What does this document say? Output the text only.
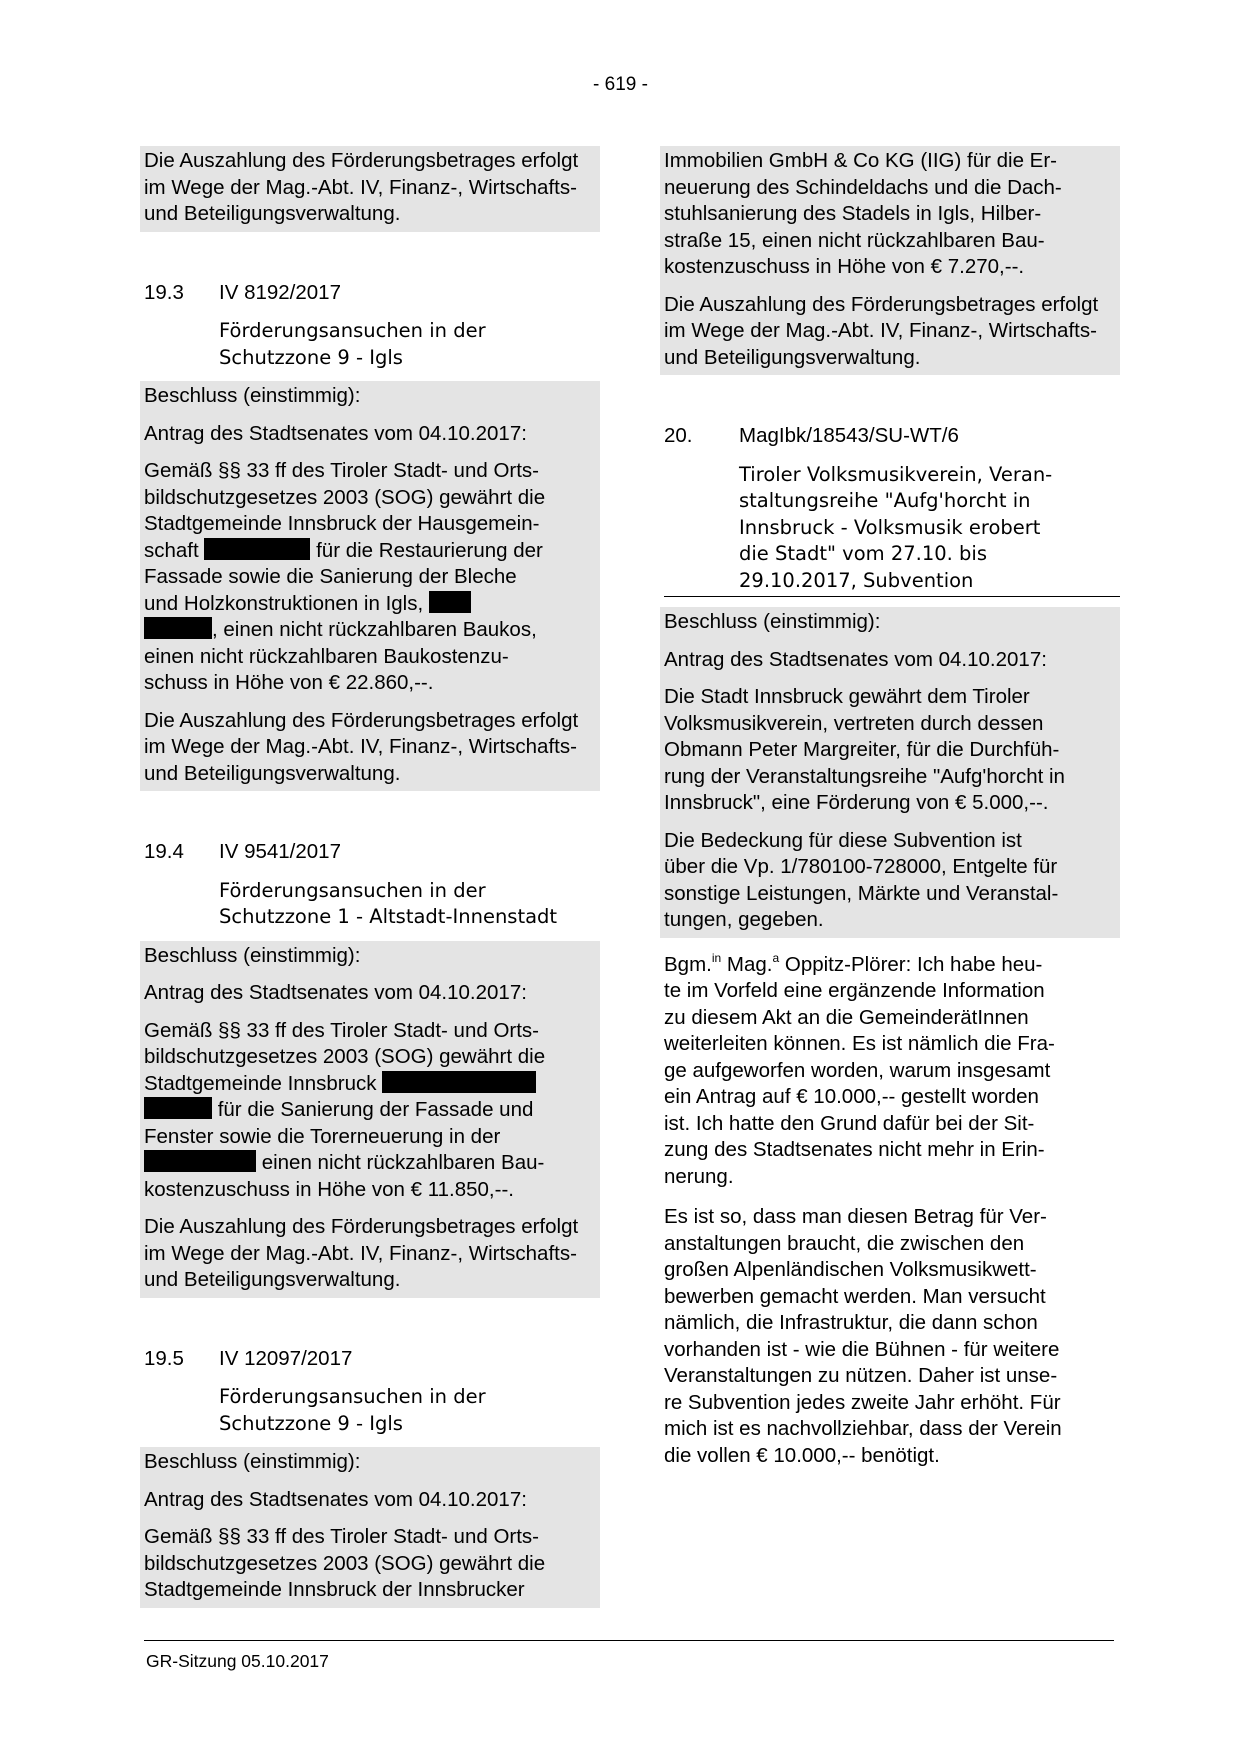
- 619 -

Die Auszahlung des Förderungsbetrages erfolgt im Wege der Mag.-Abt. IV, Finanz-, Wirtschafts- und Beteiligungsverwaltung.

19.3	IV 8192/2017
Förderungsansuchen in der
Schutzzone 9 - Igls

Beschluss (einstimmig):

Antrag des Stadtsenates vom 04.10.2017:

Gemäß §§ 33 ff des Tiroler Stadt- und Orts-
bildschutzgesetzes 2003 (SOG) gewährt die
Stadtgemeinde Innsbruck der Hausgemein-
schaft	für die Restaurierung der
Fassade sowie die Sanierung der Bleche
und Holzkonstruktionen in Igls,
, einen nicht rückzahlbaren Baukos,
einen nicht rückzahlbaren Baukostenzu-
schuss in Höhe von € 22.860,--.

Die Auszahlung des Förderungsbetrages erfolgt im Wege der Mag.-Abt. IV, Finanz-, Wirtschafts- und Beteiligungsverwaltung.

19.4	IV 9541/2017
Förderungsansuchen in der
Schutzzone 1 - Altstadt-Innenstadt

Beschluss (einstimmig):

Antrag des Stadtsenates vom 04.10.2017:

Gemäß §§ 33 ff des Tiroler Stadt- und Orts-
bildschutzgesetzes 2003 (SOG) gewährt die
Stadtgemeinde Innsbruck
für die Sanierung der Fassade und
Fenster sowie die Torerneuerung in der
einen nicht rückzahlbaren Bau-
kostenzuschuss in Höhe von € 11.850,--.

Die Auszahlung des Förderungsbetrages erfolgt im Wege der Mag.-Abt. IV, Finanz-, Wirtschafts- und Beteiligungsverwaltung.

19.5	IV 12097/2017
Förderungsansuchen in der
Schutzzone 9 - Igls

Beschluss (einstimmig):

Antrag des Stadtsenates vom 04.10.2017:

Gemäß §§ 33 ff des Tiroler Stadt- und Orts-
bildschutzgesetzes 2003 (SOG) gewährt die
Stadtgemeinde Innsbruck der Innsbrucker

Immobilien GmbH & Co KG (IIG) für die Er-
neuerung des Schindeldachs und die Dach-
stuhlsanierung des Stadels in Igls, Hilber-
straße 15, einen nicht rückzahlbaren Bau-
kostenzuschuss in Höhe von € 7.270,--.

Die Auszahlung des Förderungsbetrages erfolgt im Wege der Mag.-Abt. IV, Finanz-, Wirtschafts- und Beteiligungsverwaltung.

20.	MagIbk/18543/SU-WT/6
Tiroler Volksmusikverein, Veran-
staltungsreihe "Aufg'horcht in
Innsbruck - Volksmusik erobert
die Stadt" vom 27.10. bis
29.10.2017, Subvention

Beschluss (einstimmig):

Antrag des Stadtsenates vom 04.10.2017:

Die Stadt Innsbruck gewährt dem Tiroler
Volksmusikverein, vertreten durch dessen
Obmann Peter Margreiter, für die Durchfüh-
rung der Veranstaltungsreihe "Aufg'horcht in
Innsbruck", eine Förderung von € 5.000,--.

Die Bedeckung für diese Subvention ist
über die Vp. 1/780100-728000, Entgelte für
sonstige Leistungen, Märkte und Veranstal-
tungen, gegeben.

Bgm.$^{in}$ Mag.$^a$ Oppitz-Plörer: Ich habe heu-
te im Vorfeld eine ergänzende Information
zu diesem Akt an die GemeinderätInnen
weiterleiten können. Es ist nämlich die Fra-
ge aufgeworfen worden, warum insgesamt
ein Antrag auf € 10.000,-- gestellt worden
ist. Ich hatte den Grund dafür bei der Sit-
zung des Stadtsenates nicht mehr in Erin-
nerung.

Es ist so, dass man diesen Betrag für Ver-
anstaltungen braucht, die zwischen den
großen Alpenländischen Volksmusikwett-
bewerben gemacht werden. Man versucht
nämlich, die Infrastruktur, die dann schon
vorhanden ist - wie die Bühnen - für weitere
Veranstaltungen zu nützen. Daher ist unse-
re Subvention jedes zweite Jahr erhöht. Für
mich ist es nachvollziehbar, dass der Verein
die vollen € 10.000,-- benötigt.

GR-Sitzung 05.10.2017
